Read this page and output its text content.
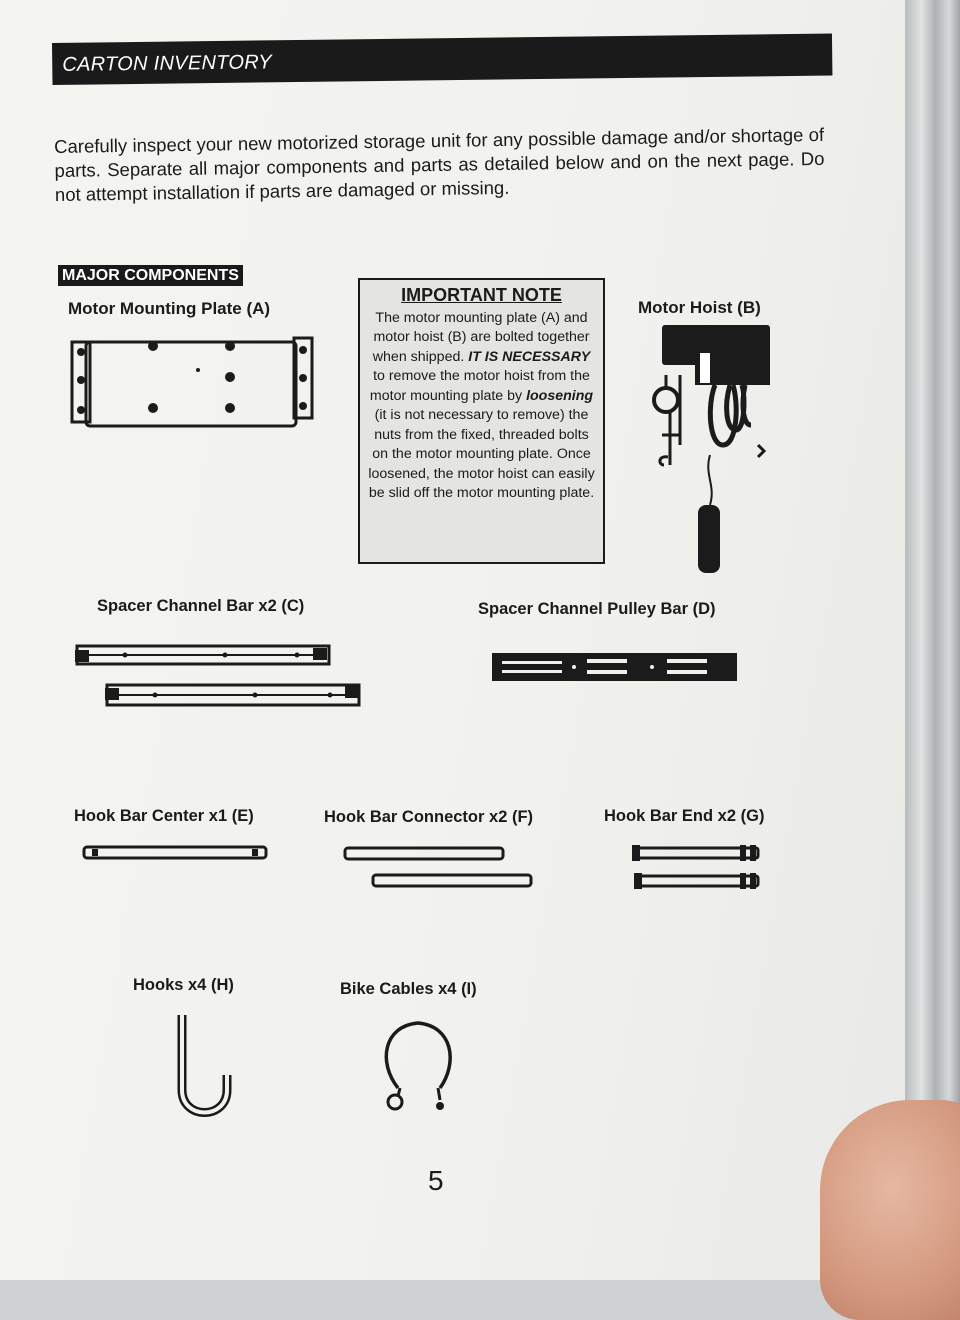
CARTON INVENTORY
Carefully inspect your new motorized storage unit for any possible damage and/or shortage of parts. Separate all major components and parts as detailed below and on the next page. Do not attempt installation if parts are damaged or missing.
MAJOR COMPONENTS
Motor Mounting Plate (A)
IMPORTANT NOTE
The motor mounting plate (A) and motor hoist (B) are bolted together when shipped. IT IS NECESSARY to remove the motor hoist from the motor mounting plate by loosening (it is not necessary to remove) the nuts from the fixed, threaded bolts on the motor mounting plate. Once loosened, the motor hoist can easily be slid off the motor mounting plate.
Motor Hoist (B)
Spacer Channel Bar x2 (C)	Spacer Channel Pulley Bar (D)
Hook Bar Center x1 (E)	Hook Bar Connector x2 (F)	Hook Bar End x2 (G)
Hooks x4 (H)	Bike Cables x4 (I)
5
